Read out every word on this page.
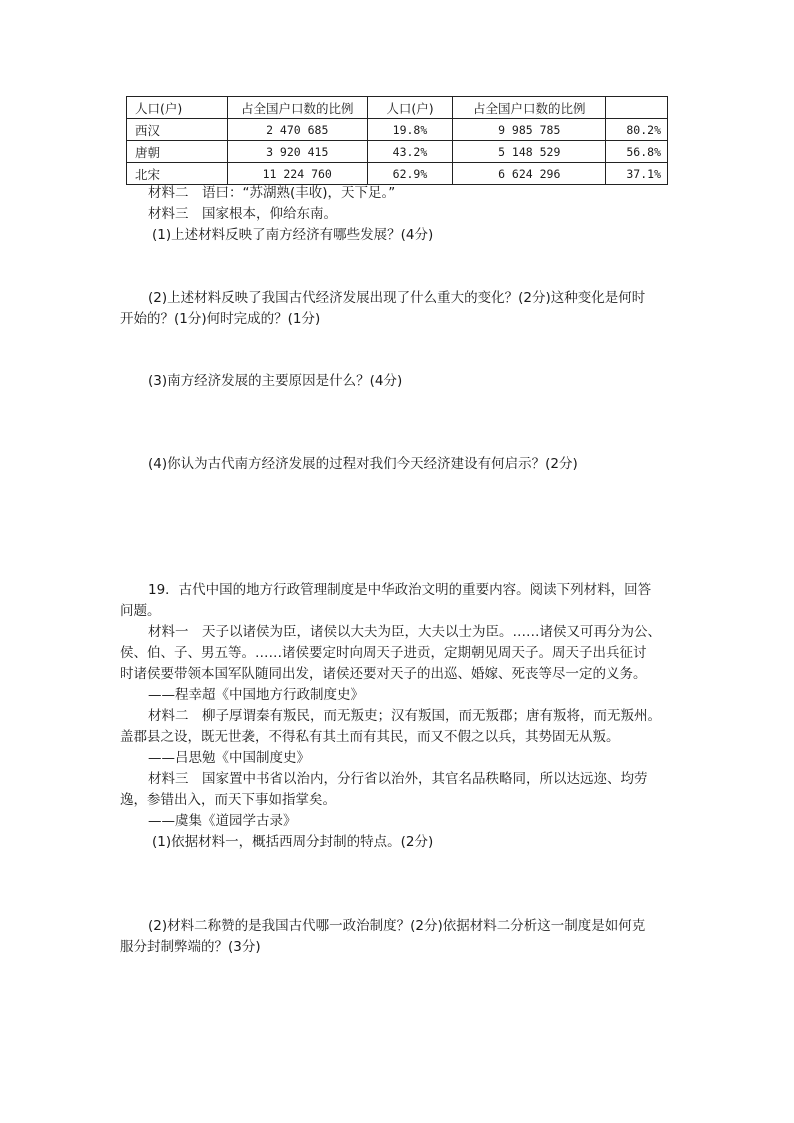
人口(户)	占全国户口数的比例	人口(户)	占全国户口数的比例	
西汉	2 470 685	19.8%	9 985 785	80.2%
唐朝	3 920 415	43.2%	5 148 529	56.8%
北宋	11 224 760	62.9%	6 624 296	37.1%
材料二　语曰：“苏湖熟(丰收)，天下足。”
材料三　国家根本，仰给东南。
(1)上述材料反映了南方经济有哪些发展？(4分)
(2)上述材料反映了我国古代经济发展出现了什么重大的变化？(2分)这种变化是何时
开始的？(1分)何时完成的？(1分)
(3)南方经济发展的主要原因是什么？(4分)
(4)你认为古代南方经济发展的过程对我们今天经济建设有何启示？(2分)
19．古代中国的地方行政管理制度是中华政治文明的重要内容。阅读下列材料，回答
问题。
材料一　天子以诸侯为臣，诸侯以大夫为臣，大夫以士为臣。……诸侯又可再分为公、
侯、伯、子、男五等。……诸侯要定时向周天子进贡，定期朝见周天子。周天子出兵征讨
时诸侯要带领本国军队随同出发，诸侯还要对天子的出巡、婚嫁、死丧等尽一定的义务。
——程幸超《中国地方行政制度史》
材料二　柳子厚谓秦有叛民，而无叛吏；汉有叛国，而无叛郡；唐有叛将，而无叛州。
盖郡县之设，既无世袭，不得私有其土而有其民，而又不假之以兵，其势固无从叛。
——吕思勉《中国制度史》
材料三　国家置中书省以治内，分行省以治外，其官名品秩略同，所以达远迩、均劳
逸，参错出入，而天下事如指掌矣。
——虞集《道园学古录》
(1)依据材料一，概括西周分封制的特点。(2分)
(2)材料二称赞的是我国古代哪一政治制度？(2分)依据材料二分析这一制度是如何克
服分封制弊端的？(3分)
